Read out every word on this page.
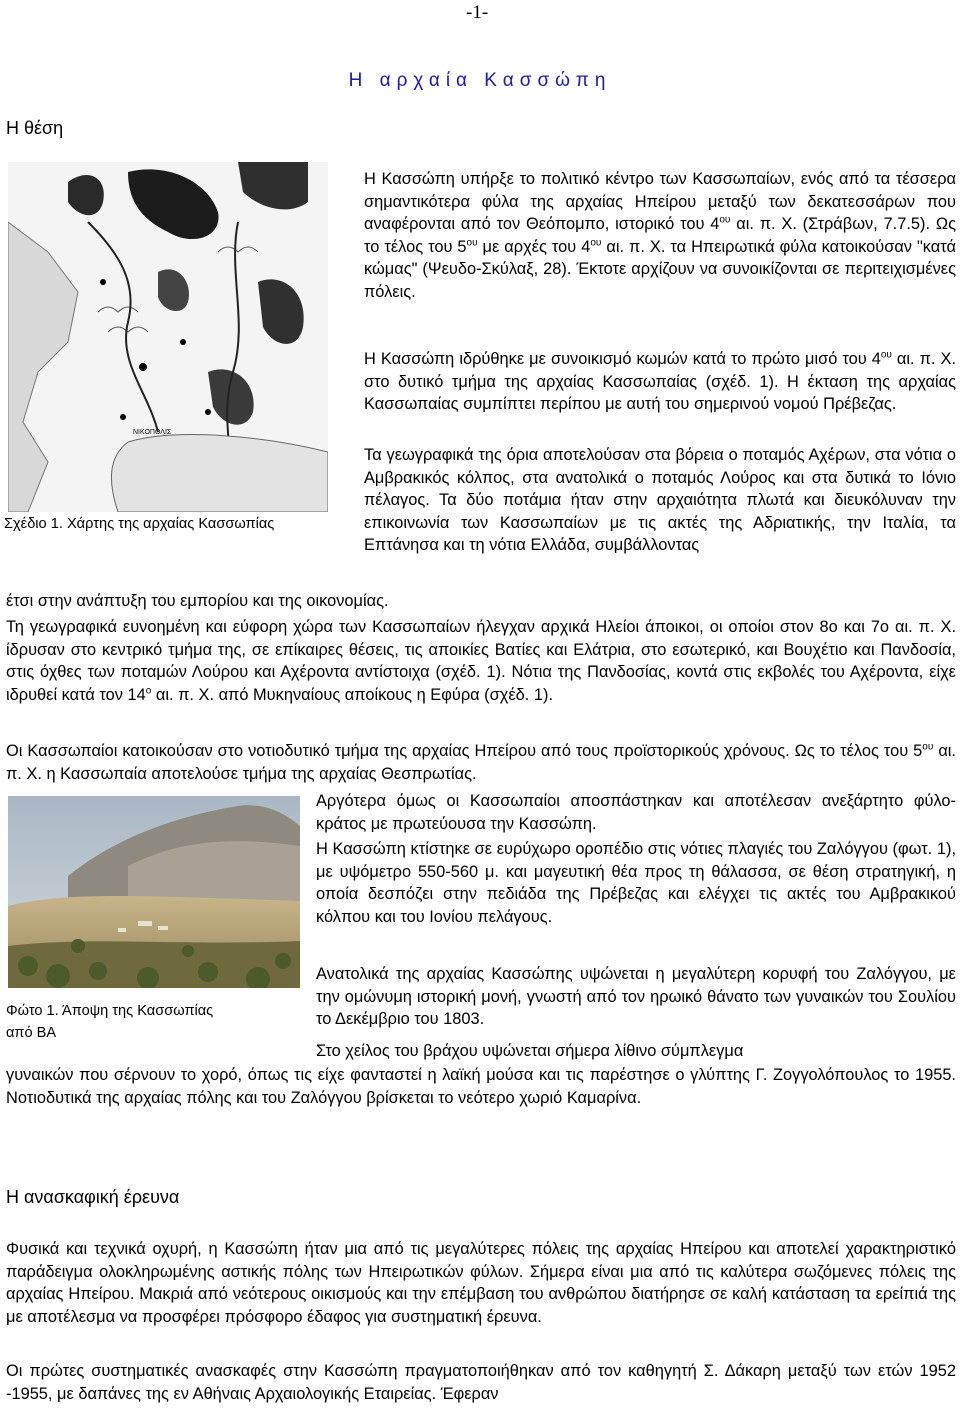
-1-
Η αρχαία Κασσώπη
Η θέση
ΝΙΚΟΠΟΛΙΣ
Σχέδιο 1. Χάρτης της αρχαίας Κασσωπίας

Η Κασσώπη υπήρξε το πολιτικό κέντρο των Κασσωπαίων, ενός από τα τέσσερα σημαντικότερα φύλα της αρχαίας Ηπείρου μεταξύ των δεκατεσσάρων που αναφέρονται από τον Θεόπομπο, ιστορικό του $4^{o\upsilon}$ αι. π. Χ. (Στράβων, 7.7.5). Ως το τέλος του $5^{o\upsilon}$ με αρχές του $4^{o\upsilon}$ αι. π. Χ. τα Ηπειρωτικά φύλα κατοικούσαν "κατά κώμας" (Ψευδο-Σκύλαξ, 28). Έκτοτε αρχίζουν να συνοικίζονται σε περιτειχισμένες πόλεις.

Η Κασσώπη ιδρύθηκε με συνοικισμό κωμών κατά το πρώτο μισό του $4^{o\upsilon}$ αι. π. Χ. στο δυτικό τμήμα της αρχαίας Κασσωπαίας (σχέδ. 1). Η έκταση της αρχαίας Κασσωπαίας συμπίπτει περίπου με αυτή του σημερινού νομού Πρέβεζας.

Τα γεωγραφικά της όρια αποτελούσαν στα βόρεια ο ποταμός Αχέρων, στα νότια ο Αμβρακικός κόλπος, στα ανατολικά ο ποταμός Λούρος και στα δυτικά το Ιόνιο πέλαγος. Τα δύο ποτάμια ήταν στην αρχαιότητα πλωτά και διευκόλυναν την επικοινωνία των Κασσωπαίων με τις ακτές της Αδριατικής, την Ιταλία, τα Επτάνησα και τη νότια Ελλάδα, συμβάλλοντας

έτσι στην ανάπτυξη του εμπορίου και της οικονομίας.

Τη γεωγραφικά ευνοημένη και εύφορη χώρα των Κασσωπαίων ήλεγχαν αρχικά Ηλείοι άποικοι, οι οποίοι στον 8ο και 7ο αι. π. Χ. ίδρυσαν στο κεντρικό τμήμα της, σε επίκαιρες θέσεις, τις αποικίες Βατίες και Ελάτρια, στο εσωτερικό, και Βουχέτιο και Πανδοσία, στις όχθες των ποταμών Λούρου και Αχέροντα αντίστοιχα (σχέδ. 1). Νότια της Πανδοσίας, κοντά στις εκβολές του Αχέροντα, είχε ιδρυθεί κατά τον $14^o$ αι. π. Χ. από Μυκηναίους αποίκους η Εφύρα (σχέδ. 1).

Οι Κασσωπαίοι κατοικούσαν στο νοτιοδυτικό τμήμα της αρχαίας Ηπείρου από τους προϊστορικούς χρόνους. Ως το τέλος του $5^{o\upsilon}$ αι. π. Χ. η Κασσωπαία αποτελούσε τμήμα της αρχαίας Θεσπρωτίας.

Φώτο 1. Άποψη της Κασσωπίας
από ΒΑ

Αργότερα όμως οι Κασσωπαίοι αποσπάστηκαν και αποτέλεσαν ανεξάρτητο φύλο-κράτος με πρωτεύουσα την Κασσώπη.

Η Κασσώπη κτίστηκε σε ευρύχωρο οροπέδιο στις νότιες πλαγιές του Ζαλόγγου (φωτ. 1), με υψόμετρο 550-560 μ. και μαγευτική θέα προς τη θάλασσα, σε θέση στρατηγική, η οποία δεσπόζει στην πεδιάδα της Πρέβεζας και ελέγχει τις ακτές του Αμβρακικού κόλπου και του Ιονίου πελάγους.

Ανατολικά της αρχαίας Κασσώπης υψώνεται η μεγαλύτερη κορυφή του Ζαλόγγου, με την ομώνυμη ιστορική μονή, γνωστή από τον ηρωικό θάνατο των γυναικών του Σουλίου το Δεκέμβριο του 1803.

Στο χείλος του βράχου υψώνεται σήμερα λίθινο σύμπλεγμα

γυναικών που σέρνουν το χορό, όπως τις είχε φανταστεί η λαϊκή μούσα και τις παρέστησε ο γλύπτης Γ. Ζογγολόπουλος το 1955. Νοτιοδυτικά της αρχαίας πόλης και του Ζαλόγγου βρίσκεται το νεότερο χωριό Καμαρίνα.

Η ανασκαφική έρευνα

Φυσικά και τεχνικά οχυρή, η Κασσώπη ήταν μια από τις μεγαλύτερες πόλεις της αρχαίας Ηπείρου και αποτελεί χαρακτηριστικό παράδειγμα ολοκληρωμένης αστικής πόλης των Ηπειρωτικών φύλων. Σήμερα είναι μια από τις καλύτερα σωζόμενες πόλεις της αρχαίας Ηπείρου. Μακριά από νεότερους οικισμούς και την επέμβαση του ανθρώπου διατήρησε σε καλή κατάσταση τα ερείπιά της με αποτέλεσμα να προσφέρει πρόσφορο έδαφος για συστηματική έρευνα.

Οι πρώτες συστηματικές ανασκαφές στην Κασσώπη πραγματοποιήθηκαν από τον καθηγητή Σ. Δάκαρη μεταξύ των ετών 1952 -1955, με δαπάνες της εν Αθήναις Αρχαιολογικής Εταιρείας. Έφεραν
